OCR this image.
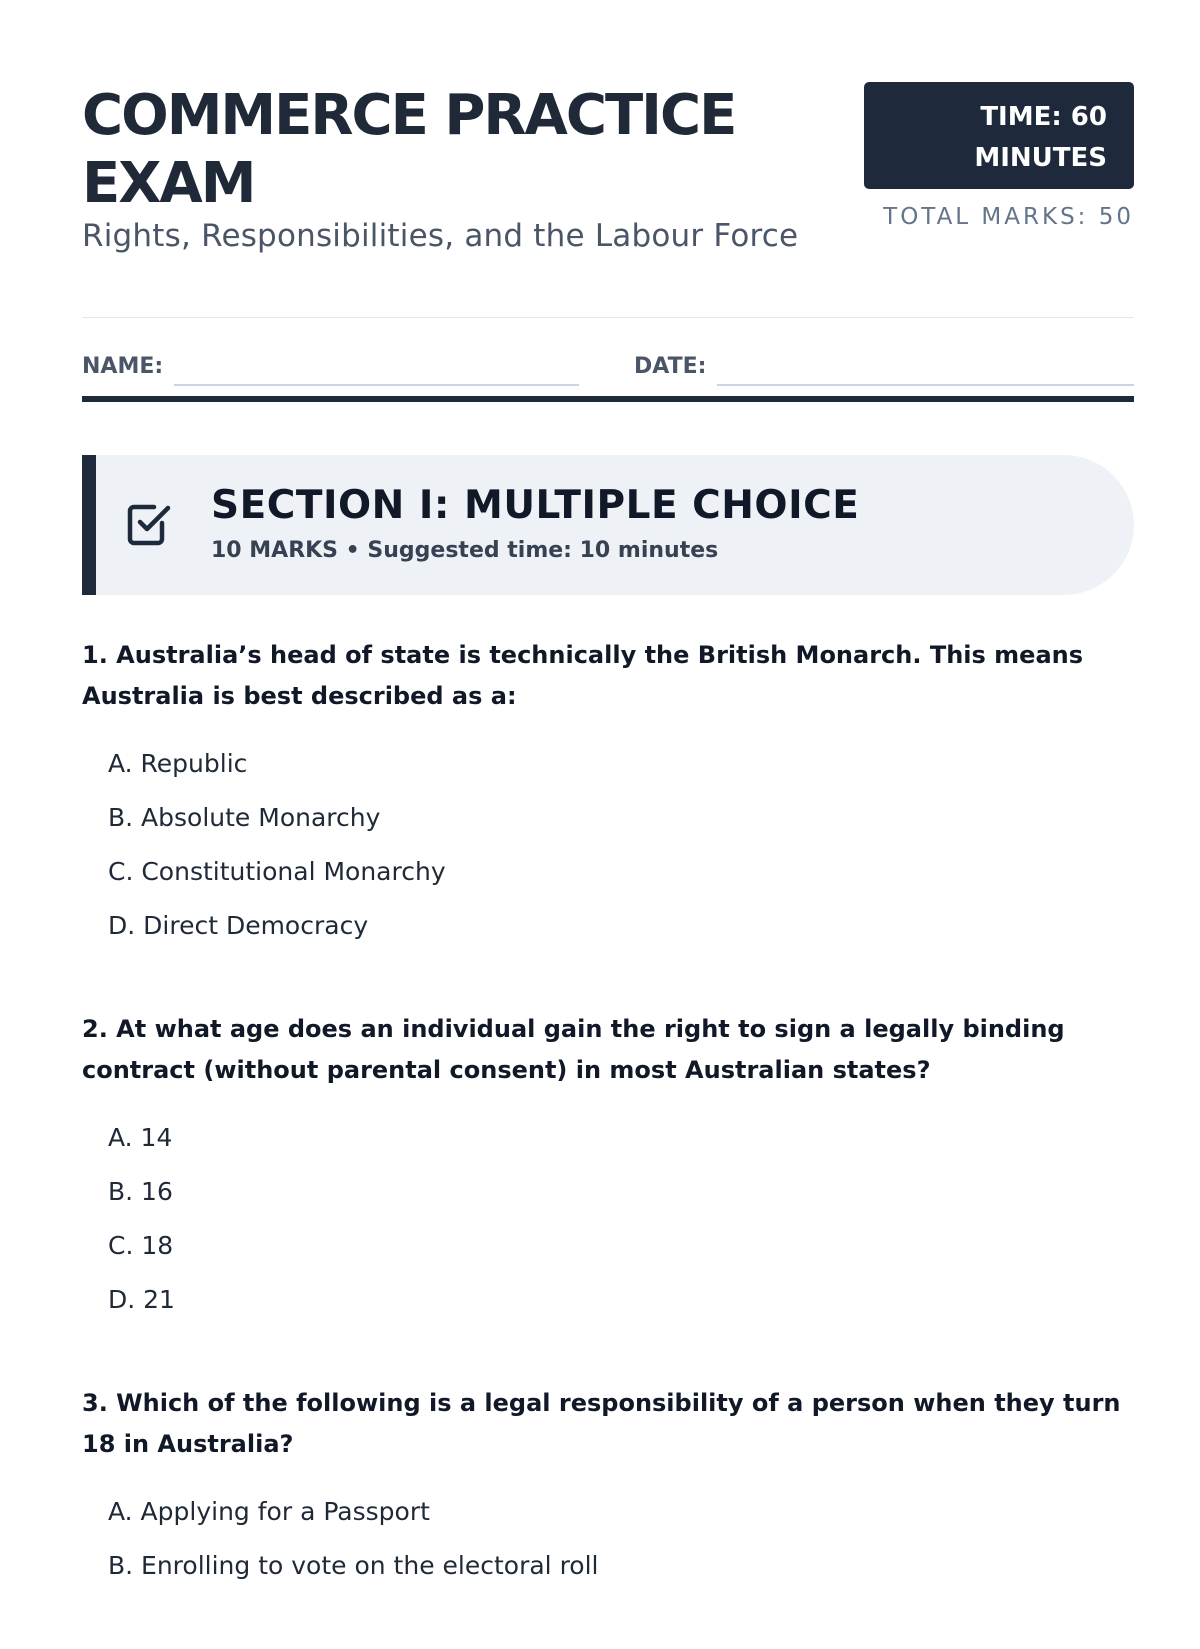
COMMERCE PRACTICE EXAM
Rights, Responsibilities, and the Labour Force
TIME: 60
MINUTES
TOTAL MARKS: 50
NAME:	DATE:
SECTION I: MULTIPLE CHOICE
10 MARKS • Suggested time: 10 minutes

1. Australia’s head of state is technically the British Monarch. This means Australia is best described as a:

A. Republic
B. Absolute Monarchy
C. Constitutional Monarchy
D. Direct Democracy

2. At what age does an individual gain the right to sign a legally binding contract (without parental consent) in most Australian states?

A. 14
B. 16
C. 18
D. 21

3. Which of the following is a legal responsibility of a person when they turn 18 in Australia?

A. Applying for a Passport
B. Enrolling to vote on the electoral roll
